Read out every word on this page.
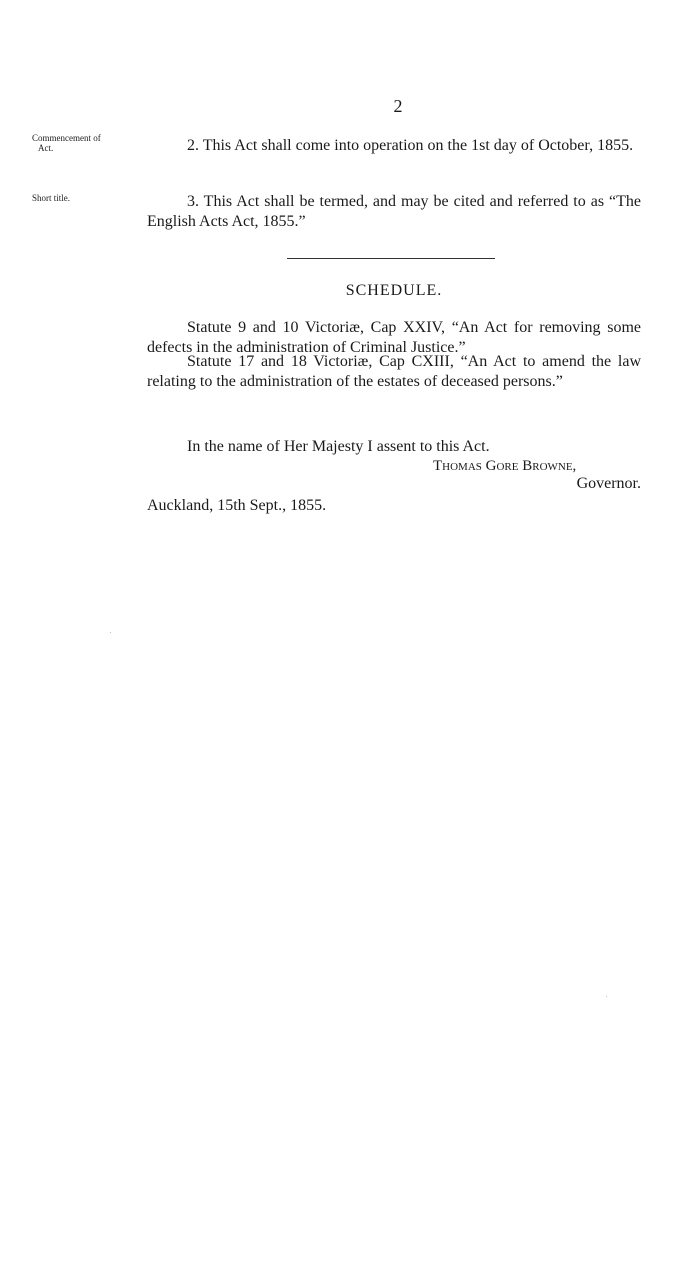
2
Commencement of
Act.	2. This Act shall come into operation on the 1st day of October, 1855.
Short title.	3. This Act shall be termed, and may be cited and referred to as “The English Acts Act, 1855.”
SCHEDULE.
Statute 9 and 10 Victoriæ, Cap XXIV, “An Act for removing some defects in the administration of Criminal Justice.”
Statute 17 and 18 Victoriæ, Cap CXIII, “An Act to amend the law relating to the administration of the estates of deceased persons.”
In the name of Her Majesty I assent to this Act.
Thomas Gore Browne,
Governor.
Auckland, 15th Sept., 1855.
